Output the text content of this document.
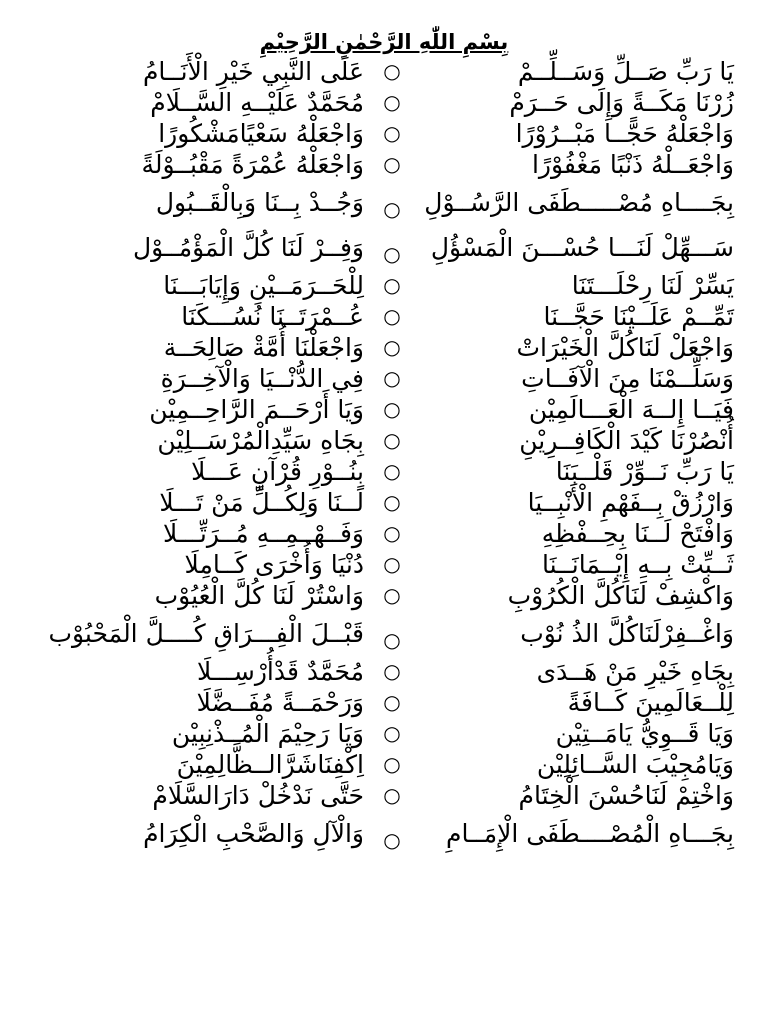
بِسْمِ اللّٰهِ الرَّحْمٰنِ الرَّحِيْمِ
يَا رَبِّ صَــلِّ وَسَــلِّــمْ
○
عَلَى النَّبِي خَيْرِ الْأَنَــامُ
زُرْنَا مَكَــةً وَإِلَى حَــرَمْ
○
مُحَمَّدٌ عَلَيْــهِ السَّــلَامْ
وَاجْعَلْهُ حَجًّــا مَبْــرُوْرًا
○
وَاجْعَلْهُ سَعْيًامَشْكُورًا
وَاجْعَــلْهُ ذَنْبًا مَغْفُوْرًا
○
وَاجْعَلْهُ عُمْرَةً مَقْبُــوْلَةً
بِجَــــاهِ مُصْـــــطَفَى الرَّسُــوْلِ
○
وَجُــدْ بِــنَا وَبِالْقَــبُول
سَـــهِّلْ لَنَـــا حُسْـــنَ الْمَسْؤُلِ
○
وَفِــرْ لَنَا كُلَّ الْمَؤْمُــوْل
يَسِّرْ لَنَا رِحْلَـــتَنَا
○
لِلْحَــرَمَــيْنِ وَإِيَابَـــنَا
تَمِّــمْ عَلَــيْنَا حَجَّــنَا
○
عُــمْرَتَــنَا نُسُـــكَنَا
وَاجْعَلْ لَنَاكُلَّ الْخَيْرَاتْ
○
وَاجْعَلْنَا أُمَّةْ صَالِحَــة
وَسَلِّــمْنَا مِنَ الْآفَــاتِ
○
فِي الدُّنْــيَا وَالْآخِــرَةِ
فَيَــا إِلــهَ الْعَـــالَمِيْن
○
وَيَا أَرْحَــمَ الرَّاحِــمِيْن
أُنْصُرْنَا كَيْدَ الْكَافِــرِيْنِ
○
بِجَاهِ سَيِّدِالْمُرْسَــلِيْن
يَا رَبِّ نَــوِّرْ قَلْــبَنَا
○
بِنُــوْرِ قُرْآنٍ عَـــلَا
وَارْزُقْ بِــفَهْمِ الْأَنْبِــيَا
○
لَــنَا وَلِكُــلِّ مَنْ تَـــلَا
وَافْتَحْ لَــنَا بِحِــفْظِهِ
○
وَفَــهْــمِــهِ مُــرَتِّـــلَا
ثَــبِّتْ بِــهِ إِيْــمَانَــنَا
○
دُنْيَا وَأُخْرَى كَــامِلَا
وَاكْشِفْ لَنَاكُلَّ الْكُرُوْبِ
○
وَاسْتُرْ لَنَا كُلَّ الْعُيُوْب
وَاغْــفِرْلَنَاكُلَّ الذُ نُوْب
○
قَبْــلَ الْفِـــرَاقِ كُــــلَّ الْمَحْبُوْب
بِجَاهِ خَيْرِ مَنْ هَــدَى
○
مُحَمَّدٌ قَدْأُرْسِـــلَا
لِلْــعَالَمِينَ كَــافَةً
○
وَرَحْمَــةً مُفَــضَّلَا
وَيَا قَــوِيُّ يَامَــتِيْن
○
وَيَا رَحِيْمَ الْمُــذْنِبِيْن
وَيَامُجِيْبَ السَّــائِلِيْن
○
اِكْفِنَاشَرَّالــظَّالِمِيْنَ
وَاخْتِمْ لَنَاحُسْنَ الْخِتَامُ
○
حَتَّى نَدْخُلْ دَارَالسَّلَامْ
بِجَـــاهِ الْمُصْــــطَفَى الْإِمَــامِ
○
وَالْآلِ وَالصَّحْبِ الْكِرَامُ
